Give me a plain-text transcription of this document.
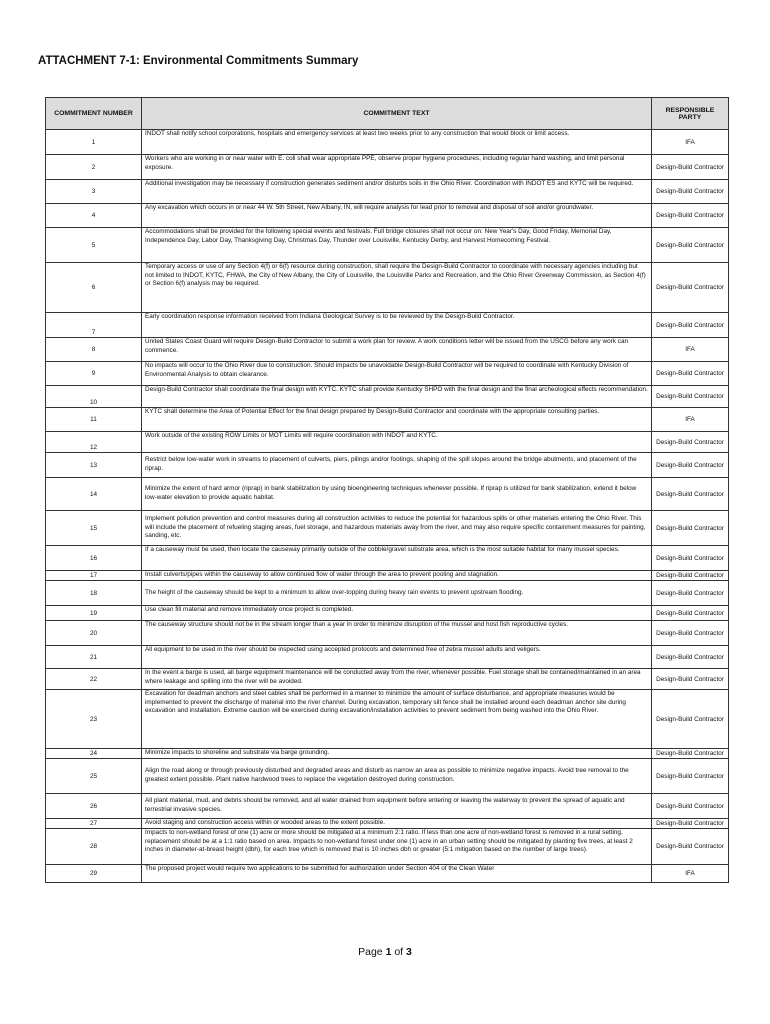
ATTACHMENT 7-1: Environmental Commitments Summary
COMMITMENT NUMBER	COMMITMENT TEXT	RESPONSIBLE PARTY
1	INDOT shall notify school corporations, hospitals and emergency services at least two weeks prior to any construction that would block or limit access.	IFA
2	Workers who are working in or near water with E. coli shall wear appropriate PPE, observe proper hygiene procedures, including regular hand washing, and limit personal exposure.	Design-Build Contractor
3	Additional investigation may be necessary if construction generates sediment and/or disturbs soils in the Ohio River. Coordination with INDOT ES and KYTC will be required.	Design-Build Contractor
4	Any excavation which occurs in or near 44 W. 5th Street, New Albany, IN, will require analysis for lead prior to removal and disposal of soil and/or groundwater.	Design-Build Contractor
5	Accommodations shall be provided for the following special events and festivals. Full bridge closures shall not occur on: New Year's Day, Good Friday, Memorial Day, Independence Day, Labor Day, Thanksgiving Day, Christmas Day, Thunder over Louisville, Kentucky Derby, and Harvest Homecoming Festival.	Design-Build Contractor
6	Temporary access or use of any Section 4(f) or 6(f) resource during construction, shall require the Design-Build Contractor to coordinate with necessary agencies including but not limited to INDOT, KYTC, FHWA, the City of New Albany, the City of Louisville, the Louisville Parks and Recreation, and the Ohio River Greenway Commission, as Section 4(f) or Section 6(f) analysis may be required.	Design-Build Contractor
7	Early coordination response information received from Indiana Geological Survey is to be reviewed by the Design-Build Contractor.	Design-Build Contractor
8	United States Coast Guard will require Design-Build Contractor to submit a work plan for review. A work conditions letter will be issued from the USCG before any work can commence.	IFA
9	No impacts will occur to the Ohio River due to construction. Should impacts be unavoidable Design-Build Contractor will be required to coordinate with Kentucky Division of Environmental Analysis to obtain clearance.	Design-Build Contractor
10	Design-Build Contractor shall coordinate the final design with KYTC. KYTC shall provide Kentucky SHPO with the final design and the final archeological effects recommendation.	Design-Build Contractor
11	KYTC shall determine the Area of Potential Effect for the final design prepared by Design-Build Contractor and coordinate with the appropriate consulting parties.	IFA
12	Work outside of the existing ROW Limits or MOT Limits will require coordination with INDOT and KYTC.	Design-Build Contractor
13	Restrict below low-water work in streams to placement of culverts, piers, pilings and/or footings, shaping of the spill slopes around the bridge abutments, and placement of the riprap.	Design-Build Contractor
14	Minimize the extent of hard armor (riprap) in bank stabilization by using bioengineering techniques whenever possible. If riprap is utilized for bank stabilization, extend it below low-water elevation to provide aquatic habitat.	Design-Build Contractor
15	Implement pollution prevention and control measures during all construction activities to reduce the potential for hazardous spills or other materials entering the Ohio River. This will include the placement of refueling staging areas, fuel storage, and hazardous materials away from the river, and may also require specific containment measures for painting, sanding, etc.	Design-Build Contractor
16	If a causeway must be used, then locate the causeway primarily outside of the cobble/gravel substrate area, which is the most suitable habitat for many mussel species.	Design-Build Contractor
17	Install culverts/pipes within the causeway to allow continued flow of water through the area to prevent pooling and stagnation.	Design-Build Contractor
18	The height of the causeway should be kept to a minimum to allow over-topping during heavy rain events to prevent upstream flooding.	Design-Build Contractor
19	Use clean fill material and remove immediately once project is completed.	Design-Build Contractor
20	The causeway structure should not be in the stream longer than a year in order to minimize disruption of the mussel and host fish reproductive cycles.	Design-Build Contractor
21	All equipment to be used in the river should be inspected using accepted protocols and determined free of zebra mussel adults and veligers.	Design-Build Contractor
22	In the event a barge is used, all barge equipment maintenance will be conducted away from the river, whenever possible. Fuel storage shall be contained/maintained in an area where leakage and spilling into the river will be avoided.	Design-Build Contractor
23	Excavation for deadman anchors and steel cables shall be performed in a manner to minimize the amount of surface disturbance, and appropriate measures would be implemented to prevent the discharge of material into the river channel. During excavation, temporary silt fence shall be installed around each deadman anchor site during excavation and installation. Extreme caution will be exercised during excavation/installation activities to prevent sediment from being washed into the Ohio River.	Design-Build Contractor
24	Minimize impacts to shoreline and substrate via barge grounding.	Design-Build Contractor
25	Align the road along or through previously disturbed and degraded areas and disturb as narrow an area as possible to minimize negative impacts. Avoid tree removal to the greatest extent possible. Plant native hardwood trees to replace the vegetation destroyed during construction.	Design-Build Contractor
26	All plant material, mud, and debris should be removed, and all water drained from equipment before entering or leaving the waterway to prevent the spread of aquatic and terrestrial invasive species.	Design-Build Contractor
27	Avoid staging and construction access within or wooded areas to the extent possible.	Design-Build Contractor
28	Impacts to non-wetland forest of one (1) acre or more should be mitigated at a minimum 2:1 ratio. If less than one acre of non-wetland forest is removed in a rural setting, replacement should be at a 1:1 ratio based on area. Impacts to non-wetland forest under one (1) acre in an urban setting should be mitigated by planting five trees, at least 2 inches in diameter-at-breast height (dbh), for each tree which is removed that is 10 inches dbh or greater (5:1 mitigation based on the number of large trees).	Design-Build Contractor
29	The proposed project would require two applications to be submitted for authorization under Section 404 of the Clean Water	IFA
Page 1 of 3
